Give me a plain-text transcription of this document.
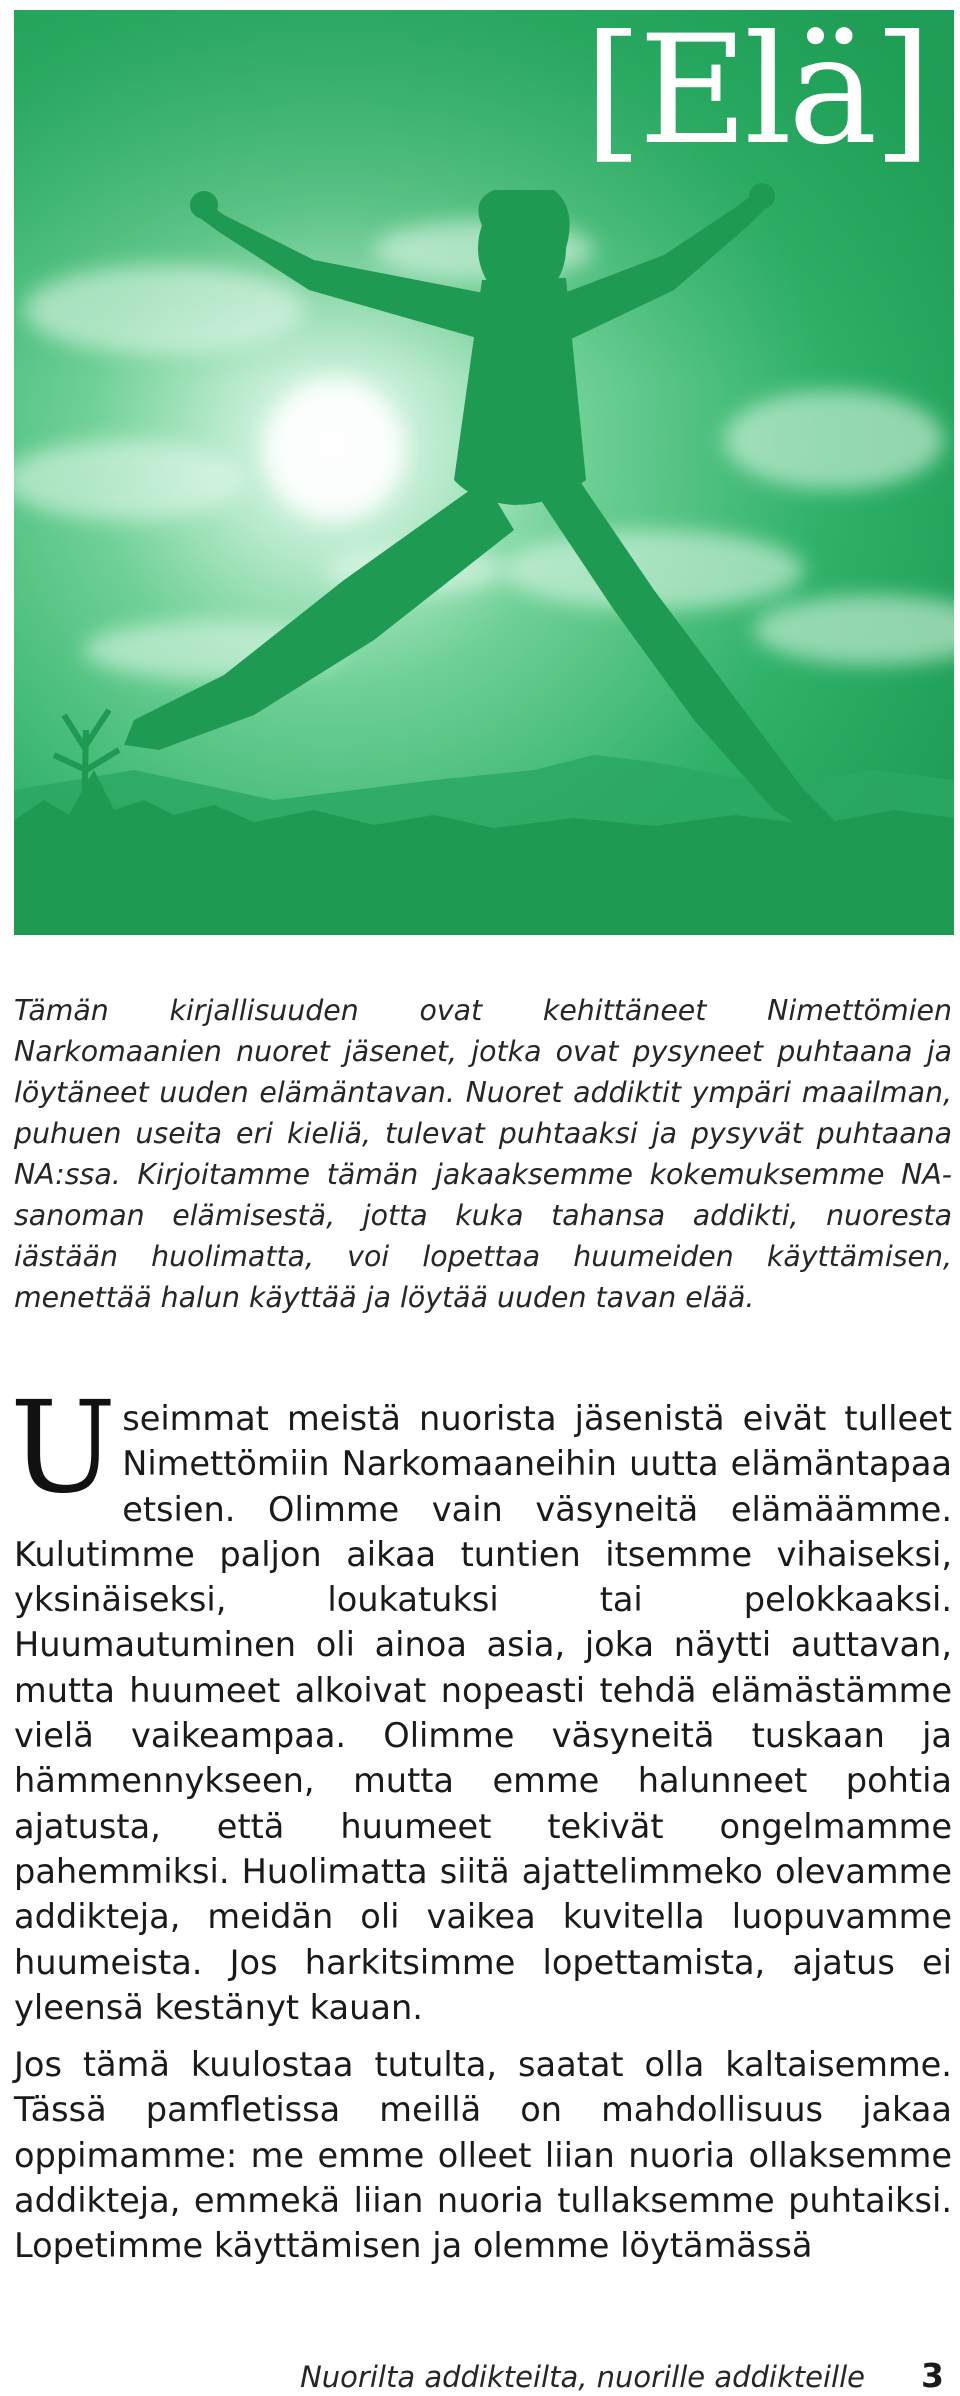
[Elä]

Tämän kirjallisuuden ovat kehittäneet Nimettömien Narkomaanien nuoret jäsenet, jotka ovat pysyneet puhtaana ja löytäneet uuden elämäntavan. Nuoret addiktit ympäri maailman, puhuen useita eri kieliä, tulevat puhtaaksi ja pysyvät puhtaana NA:ssa. Kirjoitamme tämän jakaaksemme kokemuksemme NA-sanoman elämisestä, jotta kuka tahansa addikti, nuoresta iästään huolimatta, voi lopettaa huumeiden käyttämisen, menettää halun käyttää ja löytää uuden tavan elää.

Useimmat meistä nuorista jäsenistä eivät tulleet Nimettömiin Narkomaaneihin uutta elämäntapaa etsien. Olimme vain väsyneitä elämäämme. Kulutimme paljon aikaa tuntien itsemme vihaiseksi, yksinäiseksi, loukatuksi tai pelokkaaksi. Huumautuminen oli ainoa asia, joka näytti auttavan, mutta huumeet alkoivat nopeasti tehdä elämästämme vielä vaikeampaa. Olimme väsyneitä tuskaan ja hämmennykseen, mutta emme halunneet pohtia ajatusta, että huumeet tekivät ongelmamme pahemmiksi. Huolimatta siitä ajattelimmeko olevamme addikteja, meidän oli vaikea kuvitella luopuvamme huumeista. Jos harkitsimme lopettamista, ajatus ei yleensä kestänyt kauan.

Jos tämä kuulostaa tutulta, saatat olla kaltaisemme. Tässä pamfletissa meillä on mahdollisuus jakaa oppimamme: me emme olleet liian nuoria ollaksemme addikteja, emmekä liian nuoria tullaksemme puhtaiksi. Lopetimme käyttämisen ja olemme löytämässä

Nuorilta addikteilta, nuorille addikteille 3
